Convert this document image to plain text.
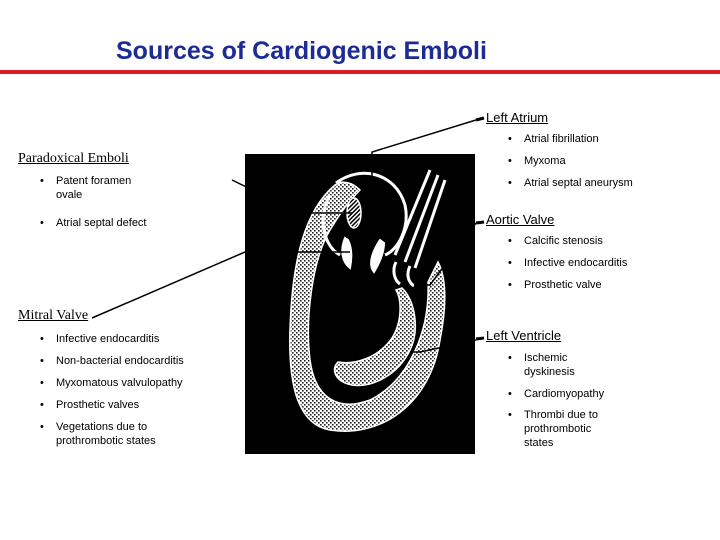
Sources of Cardiogenic Emboli
Left Atrium
• Atrial fibrillation
• Myxoma
• Atrial septal aneurysm
Paradoxical Emboli
• Patent foramen ovale
• Atrial septal defect	Aortic Valve
• Calcific stenosis
• Infective endocarditis
• Prosthetic valve
Mitral Valve
• Infective endocarditis
• Non-bacterial endocarditis
• Myxomatous valvulopathy
• Prosthetic valves
• Vegetations due to prothrombotic states
Left Ventricle
• Ischemic dyskinesis
• Cardiomyopathy
• Thrombi due to prothrombotic states
